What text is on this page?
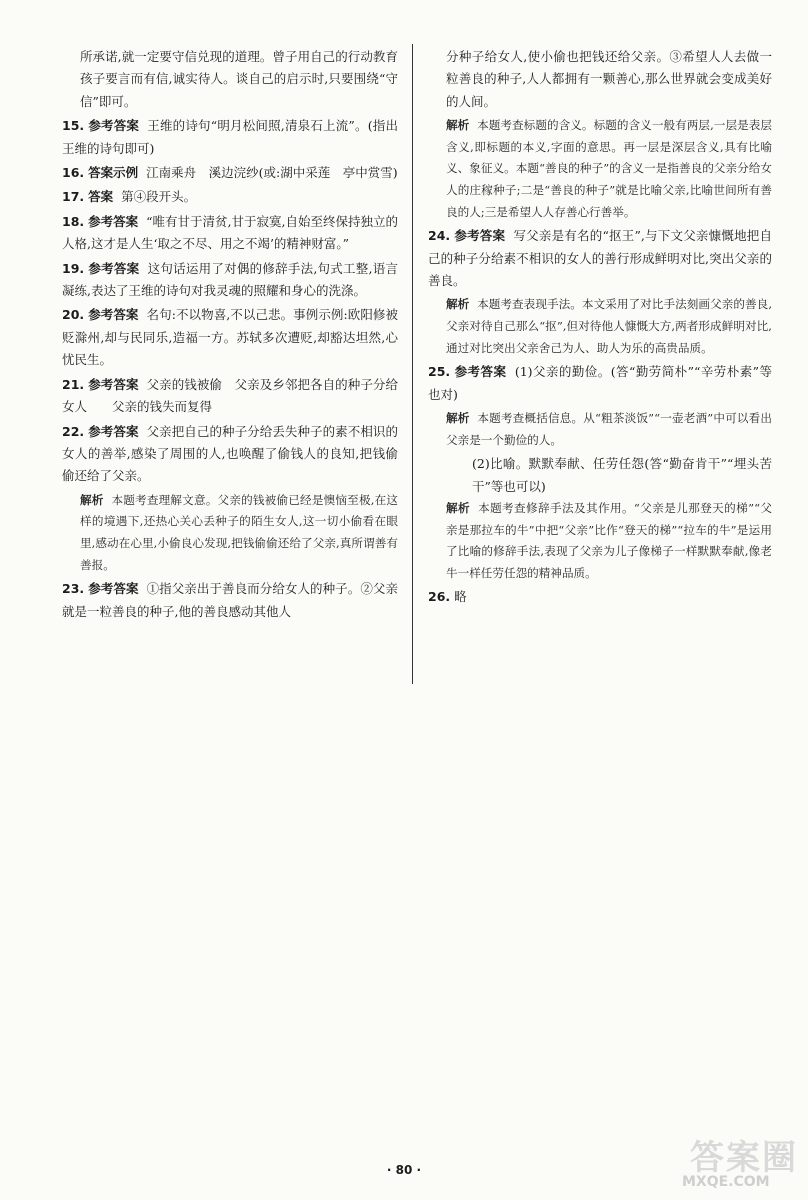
所承诺,就一定要守信兑现的道理。曾子用自己的行动教育孩子要言而有信,诚实待人。谈自己的启示时,只要围绕“守信”即可。

15. 参考答案 王维的诗句“明月松间照,清泉石上流”。(指出王维的诗句即可)

16. 答案示例 江南乘舟　溪边浣纱(或:湖中采莲　亭中赏雪)

17. 答案 第④段开头。

18. 参考答案 “唯有甘于清贫,甘于寂寞,自始至终保持独立的人格,这才是人生‘取之不尽、用之不竭’的精神财富。”

19. 参考答案 这句话运用了对偶的修辞手法,句式工整,语言凝练,表达了王维的诗句对我灵魂的照耀和身心的洗涤。

20. 参考答案 名句:不以物喜,不以己悲。事例示例:欧阳修被贬滁州,却与民同乐,造福一方。苏轼多次遭贬,却豁达坦然,心忧民生。

21. 参考答案 父亲的钱被偷　父亲及乡邻把各自的种子分给女人　　父亲的钱失而复得

22. 参考答案 父亲把自己的种子分给丢失种子的素不相识的女人的善举,感染了周围的人,也唤醒了偷钱人的良知,把钱偷偷还给了父亲。

解析 本题考查理解文意。父亲的钱被偷已经是懊恼至极,在这样的境遇下,还热心关心丢种子的陌生女人,这一切小偷看在眼里,感动在心里,小偷良心发现,把钱偷偷还给了父亲,真所谓善有善报。

23. 参考答案 ①指父亲出于善良而分给女人的种子。②父亲就是一粒善良的种子,他的善良感动其他人

分种子给女人,使小偷也把钱还给父亲。③希望人人去做一粒善良的种子,人人都拥有一颗善心,那么世界就会变成美好的人间。

解析 本题考查标题的含义。标题的含义一般有两层,一层是表层含义,即标题的本义,字面的意思。再一层是深层含义,具有比喻义、象征义。本题“善良的种子”的含义一是指善良的父亲分给女人的庄稼种子;二是“善良的种子”就是比喻父亲,比喻世间所有善良的人;三是希望人人存善心行善举。

24. 参考答案 写父亲是有名的“抠王”,与下文父亲慷慨地把自己的种子分给素不相识的女人的善行形成鲜明对比,突出父亲的善良。

解析 本题考查表现手法。本文采用了对比手法刻画父亲的善良,父亲对待自己那么“抠”,但对待他人慷慨大方,两者形成鲜明对比,通过对比突出父亲舍己为人、助人为乐的高贵品质。

25. 参考答案 (1)父亲的勤俭。(答“勤劳简朴”“辛劳朴素”等也对)

解析 本题考查概括信息。从“粗茶淡饭”“一壶老酒”中可以看出父亲是一个勤俭的人。

(2)比喻。默默奉献、任劳任怨(答“勤奋肯干”“埋头苦干”等也可以)

解析 本题考查修辞手法及其作用。“父亲是儿那登天的梯”“父亲是那拉车的牛”中把“父亲”比作“登天的梯”“拉车的牛”是运用了比喻的修辞手法,表现了父亲为儿子像梯子一样默默奉献,像老牛一样任劳任怨的精神品质。

26. 略

· 80 ·	答案圈
MXQE.COM
